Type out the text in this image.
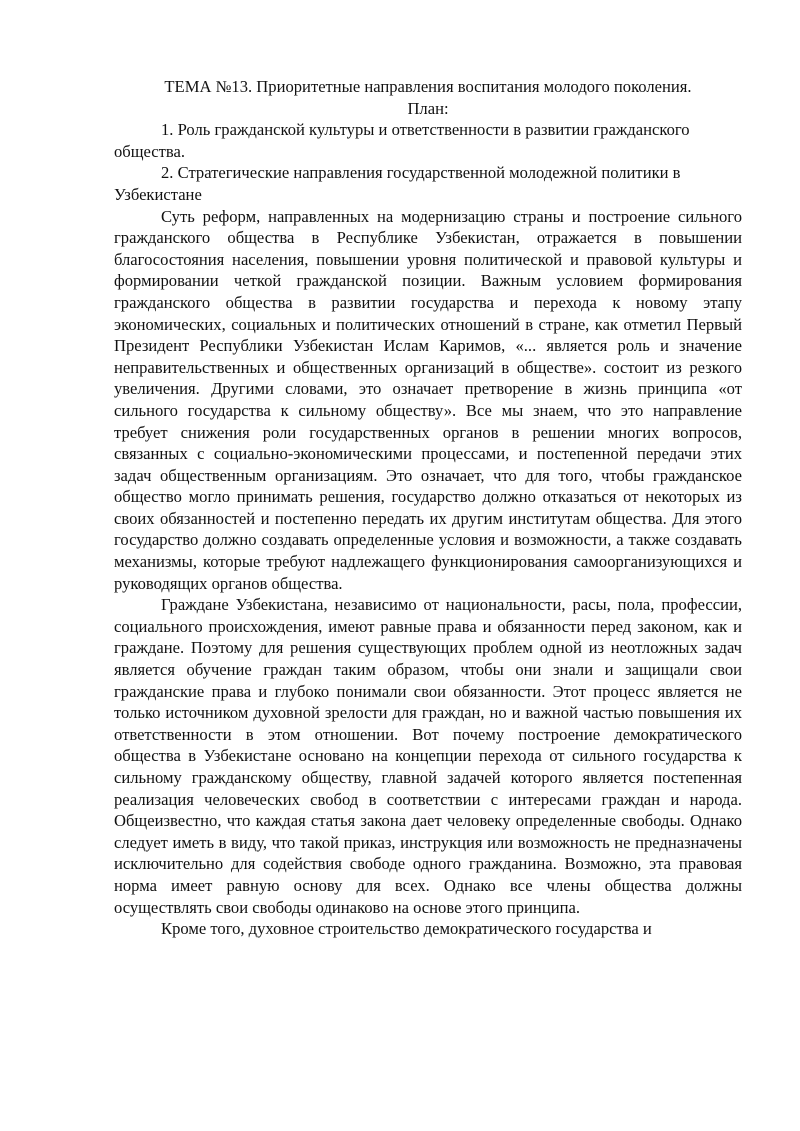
ТЕМА №13. Приоритетные направления воспитания молодого поколения.

План:

1. Роль гражданской культуры и ответственности в развитии гражданского общества.

2. Стратегические направления государственной молодежной политики в Узбекистане

Суть реформ, направленных на модернизацию страны и построение сильного гражданского общества в Республике Узбекистан, отражается в повышении благосостояния населения, повышении уровня политической и правовой культуры и формировании четкой гражданской позиции. Важным условием формирования гражданского общества в развитии государства и перехода к новому этапу экономических, социальных и политических отношений в стране, как отметил Первый Президент Республики Узбекистан Ислам Каримов, «... является роль и значение неправительственных и общественных организаций в обществе». состоит из резкого увеличения. Другими словами, это означает претворение в жизнь принципа «от сильного государства к сильному обществу». Все мы знаем, что это направление требует снижения роли государственных органов в решении многих вопросов, связанных с социально-экономическими процессами, и постепенной передачи этих задач общественным организациям. Это означает, что для того, чтобы гражданское общество могло принимать решения, государство должно отказаться от некоторых из своих обязанностей и постепенно передать их другим институтам общества. Для этого государство должно создавать определенные условия и возможности, а также создавать механизмы, которые требуют надлежащего функционирования самоорганизующихся и руководящих органов общества.

Граждане Узбекистана, независимо от национальности, расы, пола, профессии, социального происхождения, имеют равные права и обязанности перед законом, как и граждане. Поэтому для решения существующих проблем одной из неотложных задач является обучение граждан таким образом, чтобы они знали и защищали свои гражданские права и глубоко понимали свои обязанности. Этот процесс является не только источником духовной зрелости для граждан, но и важной частью повышения их ответственности в этом отношении. Вот почему построение демократического общества в Узбекистане основано на концепции перехода от сильного государства к сильному гражданскому обществу, главной задачей которого является постепенная реализация человеческих свобод в соответствии с интересами граждан и народа. Общеизвестно, что каждая статья закона дает человеку определенные свободы. Однако следует иметь в виду, что такой приказ, инструкция или возможность не предназначены исключительно для содействия свободе одного гражданина. Возможно, эта правовая норма имеет равную основу для всех. Однако все члены общества должны осуществлять свои свободы одинаково на основе этого принципа.

Кроме того, духовное строительство демократического государства и
